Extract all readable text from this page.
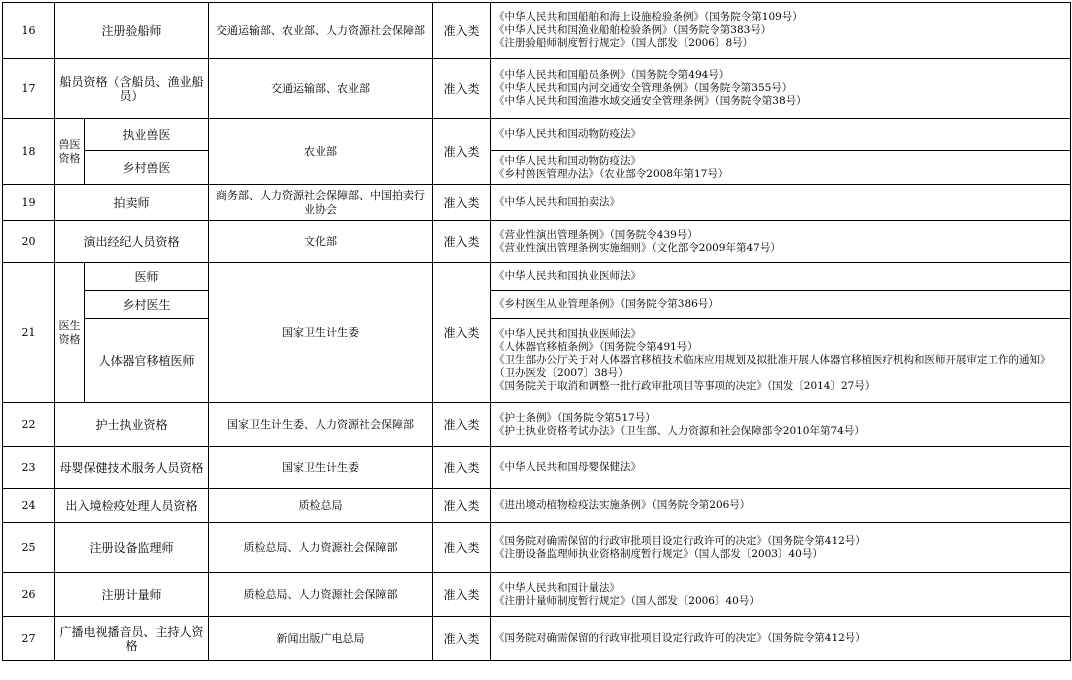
16	注册验船师		交通运输部、农业部、人力资源社会保障部	准入类	《中华人民共和国船舶和海上设施检验条例》（国务院令第109号）
《中华人民共和国渔业船舶检验条例》（国务院令第383号）
《注册验船师制度暂行规定》（国人部发〔2006〕8号）

17	船员资格（含船员、渔业船员）		交通运输部、农业部	准入类	《中华人民共和国船员条例》（国务院令第494号）
《中华人民共和国内河交通安全管理条例》（国务院令第355号）
《中华人民共和国渔港水域交通安全管理条例》（国务院令第38号）

18	兽医资格	执业兽医	农业部	准入类	《中华人民共和国动物防疫法》

		乡村兽医			《中华人民共和国动物防疫法》
《乡村兽医管理办法》（农业部令2008年第17号）

19	拍卖师		商务部、人力资源社会保障部、中国拍卖行业协会	准入类	《中华人民共和国拍卖法》

20	演出经纪人员资格		文化部	准入类	《营业性演出管理条例》（国务院令439号）
《营业性演出管理条例实施细则》（文化部令2009年第47号）

21	医生资格	医师	国家卫生计生委	准入类	《中华人民共和国执业医师法》

		乡村医生			《乡村医生从业管理条例》（国务院令第386号）

		人体器官移植医师			《中华人民共和国执业医师法》
《人体器官移植条例》（国务院令第491号）
《卫生部办公厅关于对人体器官移植技术临床应用规划及拟批准开展人体器官移植医疗机构和医师开展审定工作的通知》（卫办医发〔2007〕38号）
《国务院关于取消和调整一批行政审批项目等事项的决定》（国发〔2014〕27号）

22	护士执业资格		国家卫生计生委、人力资源社会保障部	准入类	《护士条例》（国务院令第517号）
《护士执业资格考试办法》（卫生部、人力资源和社会保障部令2010年第74号）

23	母婴保健技术服务人员资格		国家卫生计生委	准入类	《中华人民共和国母婴保健法》

24	出入境检疫处理人员资格		质检总局	准入类	《进出境动植物检疫法实施条例》（国务院令第206号）

25	注册设备监理师		质检总局、人力资源社会保障部	准入类	《国务院对确需保留的行政审批项目设定行政许可的决定》（国务院令第412号）
《注册设备监理师执业资格制度暂行规定》（国人部发〔2003〕40号）

26	注册计量师		质检总局、人力资源社会保障部	准入类	《中华人民共和国计量法》
《注册计量师制度暂行规定》（国人部发〔2006〕40号）

27	广播电视播音员、主持人资格		新闻出版广电总局	准入类	《国务院对确需保留的行政审批项目设定行政许可的决定》（国务院令第412号）
